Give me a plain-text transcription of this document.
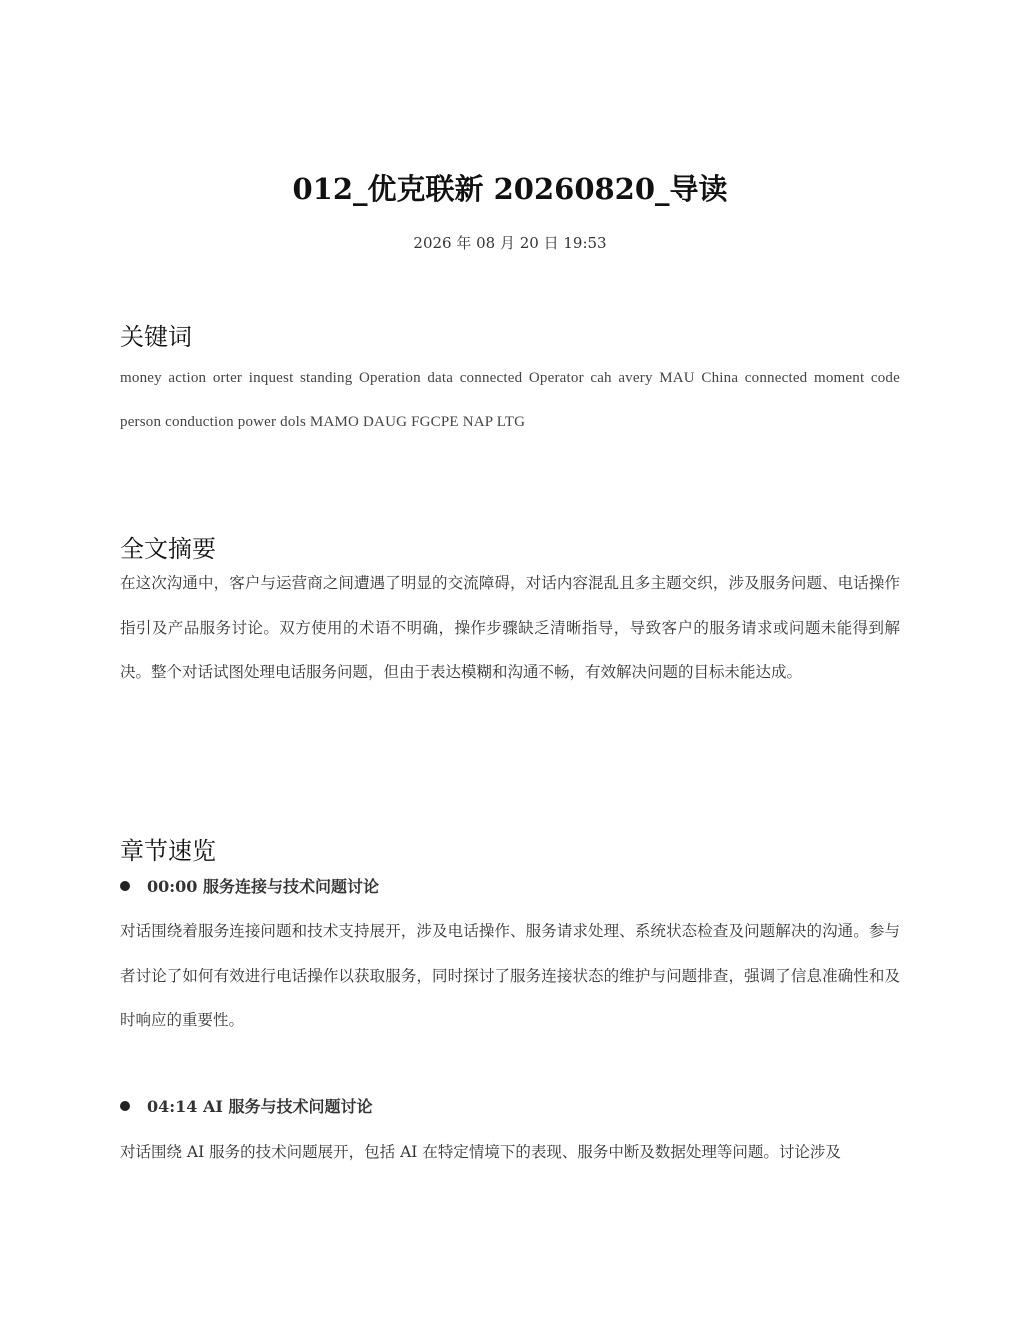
012_优克联新 20260820_导读
2026 年 08 月 20 日 19:53
关键词
money action orter inquest standing Operation data connected Operator cah avery MAU China connected moment code person conduction power dols MAMO DAUG FGCPE NAP LTG
全文摘要
在这次沟通中，客户与运营商之间遭遇了明显的交流障碍，对话内容混乱且多主题交织，涉及服务问题、电话操作指引及产品服务讨论。双方使用的术语不明确，操作步骤缺乏清晰指导，导致客户的服务请求或问题未能得到解决。整个对话试图处理电话服务问题，但由于表达模糊和沟通不畅，有效解决问题的目标未能达成。
章节速览
00:00 服务连接与技术问题讨论
对话围绕着服务连接问题和技术支持展开，涉及电话操作、服务请求处理、系统状态检查及问题解决的沟通。参与者讨论了如何有效进行电话操作以获取服务，同时探讨了服务连接状态的维护与问题排查，强调了信息准确性和及时响应的重要性。
04:14 AI 服务与技术问题讨论
对话围绕 AI 服务的技术问题展开，包括 AI 在特定情境下的表现、服务中断及数据处理等问题。讨论涉及
